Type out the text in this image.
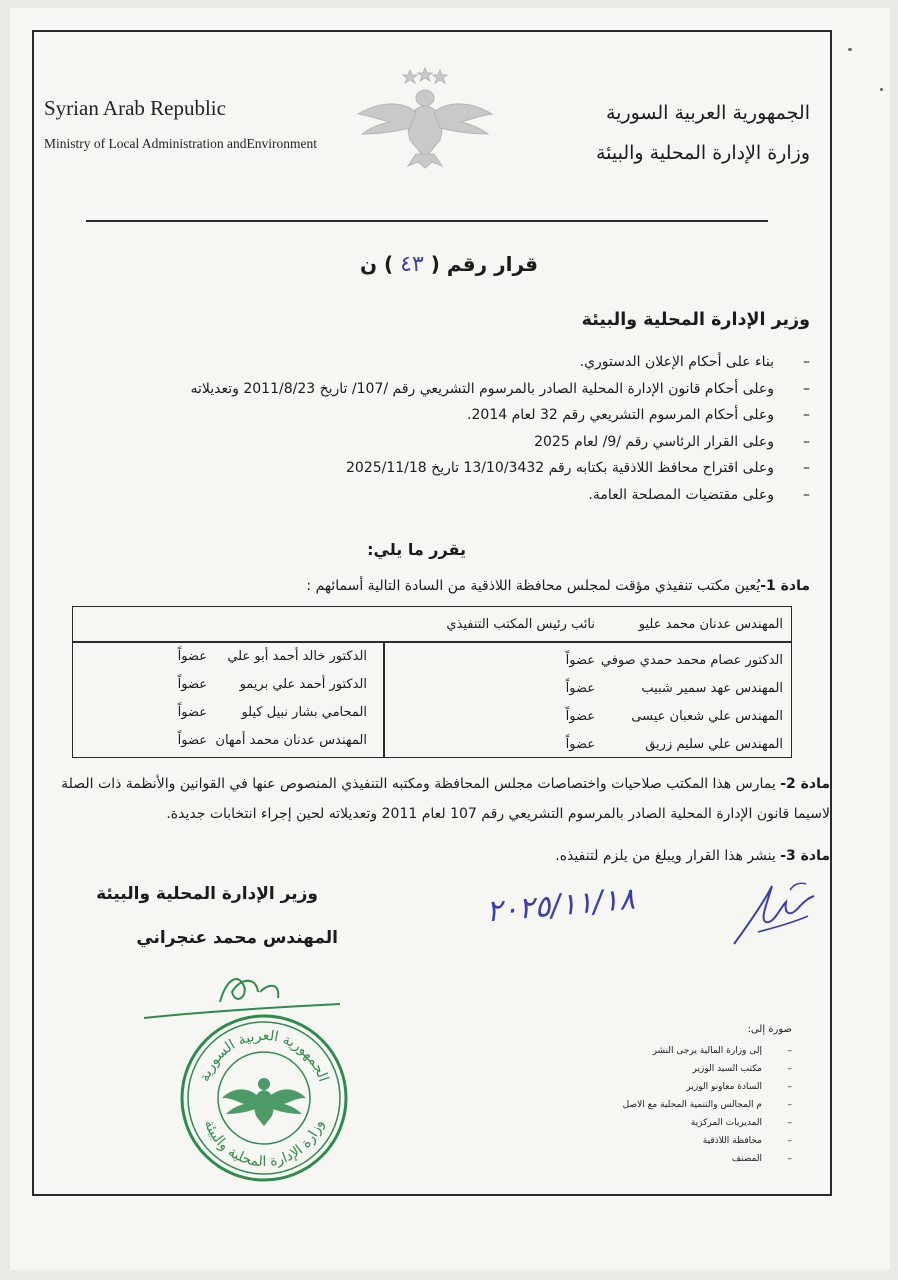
Syrian Arab Republic
Ministry of Local Administration andEnvironment
الجمهورية العربية السورية
وزارة الإدارة المحلية والبيئة
قرار رقم ( ٤٣ ) ن
وزير الإدارة المحلية والبيئة
–بناء على أحكام الإعلان الدستوري.
–وعلى أحكام قانون الإدارة المحلية الصادر بالمرسوم التشريعي رقم /107/ تاريخ 2011/8/23 وتعديلاته
–وعلى أحكام المرسوم التشريعي رقم 32 لعام 2014.
–وعلى القرار الرئاسي رقم /9/ لعام 2025
–وعلى اقتراح محافظ اللاذقية بكتابه رقم 13/10/3432 تاريخ 2025/11/18
–وعلى مقتضيات المصلحة العامة.
يقرر ما يلي:
مادة 1-يُعين مكتب تنفيذي مؤقت لمجلس محافظة اللاذقية من السادة التالية أسمائهم :
المهندس عدنان محمد عليو
نائب رئيس المكتب التنفيذي
الدكتور عصام محمد حمدي صوفي
عضواً
المهندس عهد سمير شبيب
عضواً
المهندس علي شعبان عيسى
عضواً
المهندس علي سليم زريق
عضواً
الدكتور خالد أحمد أبو علي
عضواً
الدكتور أحمد علي بريمو
عضواً
المحامي بشار نبيل كيلو
عضواً
المهندس عدنان محمد أمهان
عضواً
مادة 2- يمارس هذا المكتب صلاحيات واختصاصات مجلس المحافظة ومكتبه التنفيذي المنصوص عنها في القوانين والأنظمة ذات الصلة
لاسيما قانون الإدارة المحلية الصادر بالمرسوم التشريعي رقم 107 لعام 2011 وتعديلاته لحين إجراء انتخابات جديدة.
مادة 3- ينشر هذا القرار ويبلغ من يلزم لتنفيذه.
وزير الإدارة المحلية والبيئة
المهندس محمد عنجراني
٢٠٢٥/١١/١٨
الجمهورية العربية السورية
وزارة الإدارة المحلية والبيئة
صورة إلى:
–إلى وزارة المالية يرجى النشر
–مكتب السيد الوزير
–السادة معاونو الوزير
–م المجالس والتنمية المحلية مع الاصل
–المديريات المركزية
–محافظة اللاذقية
–المصنف
